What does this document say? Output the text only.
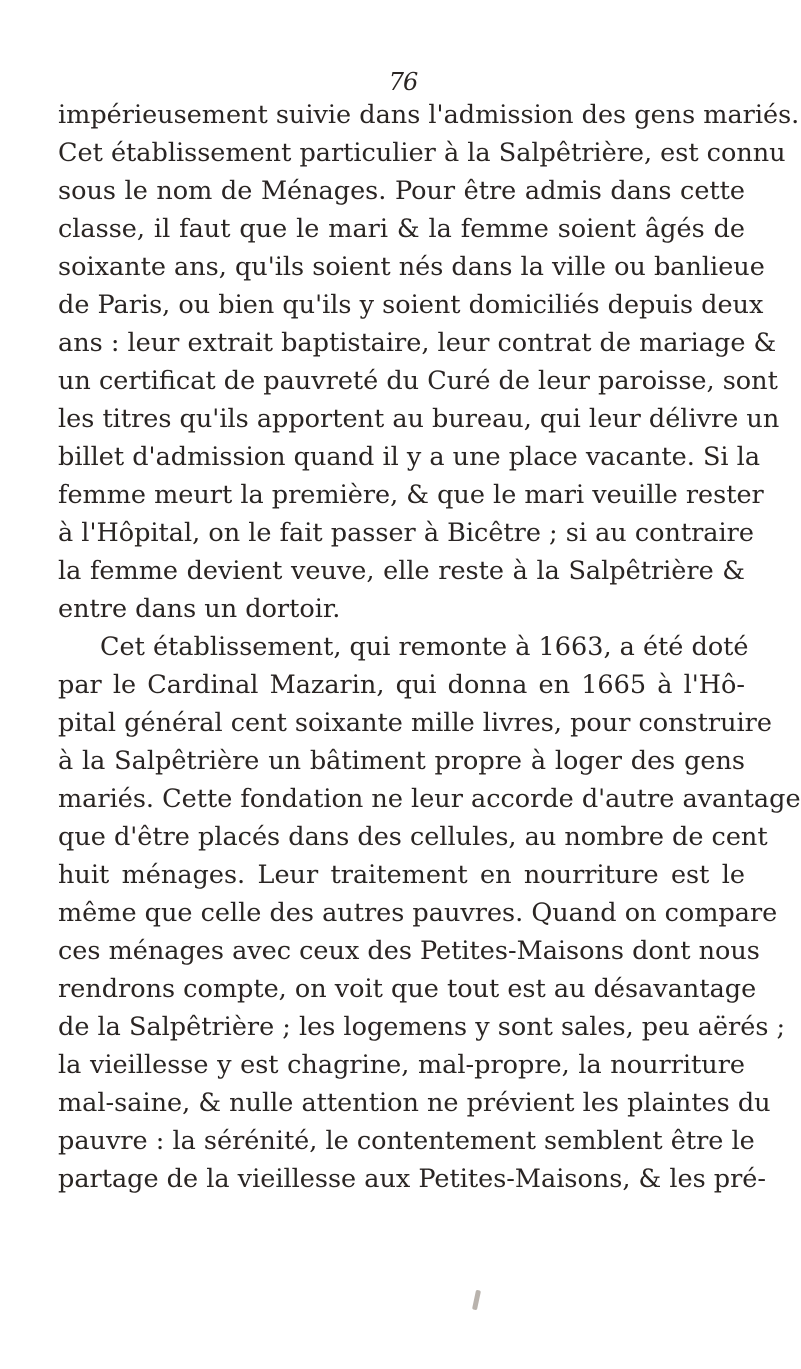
76
impérieusement suivie dans l'admission des gens mariés.
Cet établissement particulier à la Salpêtrière, est connu
sous le nom de Ménages. Pour être admis dans cette
classe, il faut que le mari & la femme soient âgés de
soixante ans, qu'ils soient nés dans la ville ou banlieue
de Paris, ou bien qu'ils y soient domiciliés depuis deux
ans : leur extrait baptistaire, leur contrat de mariage &
un certificat de pauvreté du Curé de leur paroisse, sont
les titres qu'ils apportent au bureau, qui leur délivre un
billet d'admission quand il y a une place vacante. Si la
femme meurt la première, & que le mari veuille rester
à l'Hôpital, on le fait passer à Bicêtre ; si au contraire
la femme devient veuve, elle reste à la Salpêtrière &
entre dans un dortoir.
Cet établissement, qui remonte à 1663, a été doté
par le Cardinal Mazarin, qui donna en 1665 à l'Hô-
pital général cent soixante mille livres, pour construire
à la Salpêtrière un bâtiment propre à loger des gens
mariés. Cette fondation ne leur accorde d'autre avantage
que d'être placés dans des cellules, au nombre de cent
huit ménages. Leur traitement en nourriture est le
même que celle des autres pauvres. Quand on compare
ces ménages avec ceux des Petites-Maisons dont nous
rendrons compte, on voit que tout est au désavantage
de la Salpêtrière ; les logemens y sont sales, peu aërés ;
la vieillesse y est chagrine, mal-propre, la nourriture
mal-saine, & nulle attention ne prévient les plaintes du
pauvre : la sérénité, le contentement semblent être le
partage de la vieillesse aux Petites-Maisons, & les pré-
